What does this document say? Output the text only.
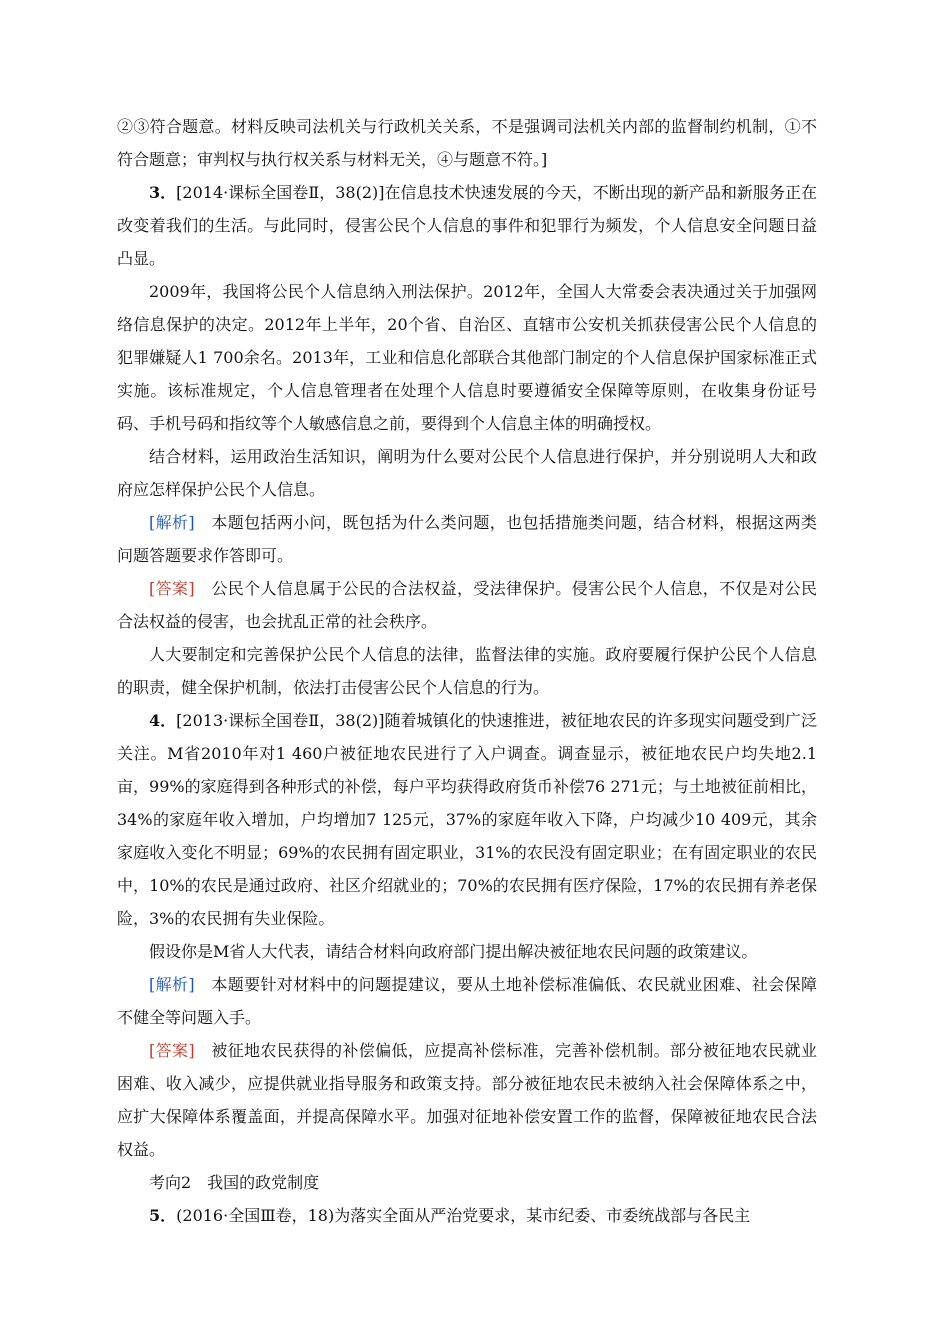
②③符合题意。材料反映司法机关与行政机关关系，不是强调司法机关内部的监督制约机制，①不符合题意；审判权与执行权关系与材料无关，④与题意不符。]

3．[2014·课标全国卷Ⅱ，38(2)]在信息技术快速发展的今天，不断出现的新产品和新服务正在改变着我们的生活。与此同时，侵害公民个人信息的事件和犯罪行为频发，个人信息安全问题日益凸显。

2009年，我国将公民个人信息纳入刑法保护。2012年，全国人大常委会表决通过关于加强网络信息保护的决定。2012年上半年，20个省、自治区、直辖市公安机关抓获侵害公民个人信息的犯罪嫌疑人1 700余名。2013年，工业和信息化部联合其他部门制定的个人信息保护国家标准正式实施。该标准规定，个人信息管理者在处理个人信息时要遵循安全保障等原则，在收集身份证号码、手机号码和指纹等个人敏感信息之前，要得到个人信息主体的明确授权。

结合材料，运用政治生活知识，阐明为什么要对公民个人信息进行保护，并分别说明人大和政府应怎样保护公民个人信息。

[解析]　本题包括两小问，既包括为什么类问题，也包括措施类问题，结合材料，根据这两类问题答题要求作答即可。

[答案]　公民个人信息属于公民的合法权益，受法律保护。侵害公民个人信息，不仅是对公民合法权益的侵害，也会扰乱正常的社会秩序。

人大要制定和完善保护公民个人信息的法律，监督法律的实施。政府要履行保护公民个人信息的职责，健全保护机制，依法打击侵害公民个人信息的行为。

4．[2013·课标全国卷Ⅱ，38(2)]随着城镇化的快速推进，被征地农民的许多现实问题受到广泛关注。M省2010年对1 460户被征地农民进行了入户调查。调查显示，被征地农民户均失地2.1亩，99%的家庭得到各种形式的补偿，每户平均获得政府货币补偿76 271元；与土地被征前相比，34%的家庭年收入增加，户均增加7 125元，37%的家庭年收入下降，户均减少10 409元，其余家庭收入变化不明显；69%的农民拥有固定职业，31%的农民没有固定职业；在有固定职业的农民中，10%的农民是通过政府、社区介绍就业的；70%的农民拥有医疗保险，17%的农民拥有养老保险，3%的农民拥有失业保险。

假设你是M省人大代表，请结合材料向政府部门提出解决被征地农民问题的政策建议。

[解析]　本题要针对材料中的问题提建议，要从土地补偿标准偏低、农民就业困难、社会保障不健全等问题入手。

[答案]　被征地农民获得的补偿偏低，应提高补偿标准，完善补偿机制。部分被征地农民就业困难、收入减少，应提供就业指导服务和政策支持。部分被征地农民未被纳入社会保障体系之中，应扩大保障体系覆盖面，并提高保障水平。加强对征地补偿安置工作的监督，保障被征地农民合法权益。

考向2　我国的政党制度

5．(2016·全国Ⅲ卷，18)为落实全面从严治党要求，某市纪委、市委统战部与各民主
